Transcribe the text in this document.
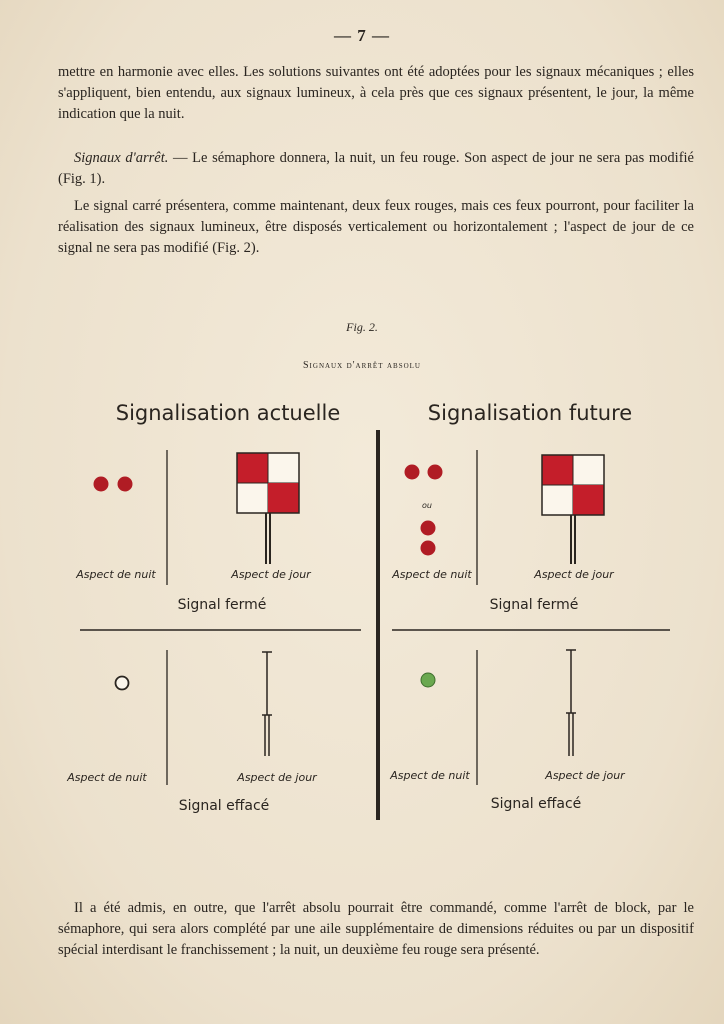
— 7 —

mettre en harmonie avec elles. Les solutions suivantes ont été adoptées pour les signaux mécaniques ; elles s'appliquent, bien entendu, aux signaux lumineux, à cela près que ces signaux présentent, le jour, la même indication que la nuit.

Signaux d'arrêt. — Le sémaphore donnera, la nuit, un feu rouge. Son aspect de jour ne sera pas modifié (Fig. 1).

Le signal carré présentera, comme maintenant, deux feux rouges, mais ces feux pourront, pour faciliter la réalisation des signaux lumineux, être disposés verticalement ou horizontalement ; l'aspect de jour de ce signal ne sera pas modifié (Fig. 2).

Fig. 2.
Signaux d'arrêt absolu
Signalisation actuelle	Signalisation future
Aspect de nuit	Aspect de jour
Signal fermé
ou
Aspect de nuit	Aspect de jour
Signal fermé
Aspect de nuit	Aspect de jour
Signal effacé
Aspect de nuit	Aspect de jour
Signal effacé

Il a été admis, en outre, que l'arrêt absolu pourrait être commandé, comme l'arrêt de block, par le sémaphore, qui sera alors complété par une aile supplémentaire de dimensions réduites ou par un dispositif spécial interdisant le franchissement ; la nuit, un deuxième feu rouge sera présenté.
